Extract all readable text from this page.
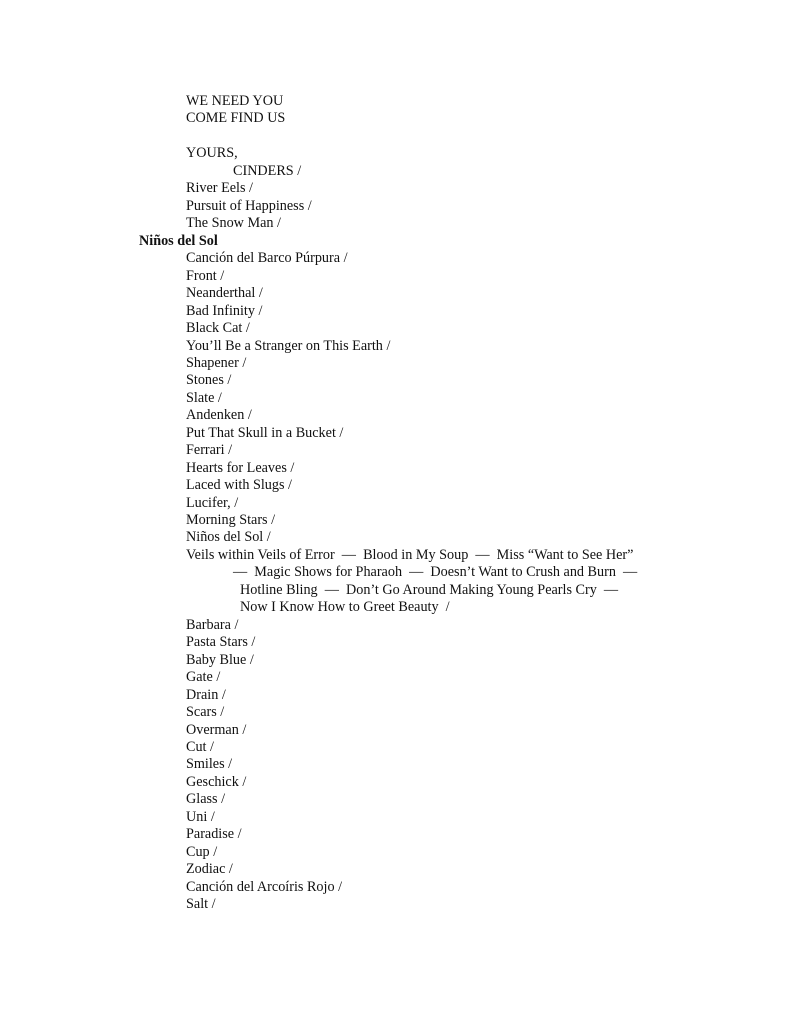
WE NEED YOU
COME FIND US
YOURS,
CINDERS /
River Eels /
Pursuit of Happiness /
The Snow Man /
Niños del Sol
Canción del Barco Púrpura /
Front /
Neanderthal /
Bad Infinity /
Black Cat /
You’ll Be a Stranger on This Earth /
Shapener /
Stones /
Slate /
Andenken /
Put That Skull in a Bucket /
Ferrari /
Hearts for Leaves /
Laced with Slugs /
Lucifer, /
Morning Stars /
Niños del Sol /
Veils within Veils of Error  —  Blood in My Soup  —  Miss “Want to See Her”
—  Magic Shows for Pharaoh  —  Doesn’t Want to Crush and Burn  —
Hotline Bling  —  Don’t Go Around Making Young Pearls Cry  —
Now I Know How to Greet Beauty  /
Barbara /
Pasta Stars /
Baby Blue /
Gate /
Drain /
Scars /
Overman /
Cut /
Smiles /
Geschick /
Glass /
Uni /
Paradise /
Cup /
Zodiac /
Canción del Arcoíris Rojo /
Salt /
